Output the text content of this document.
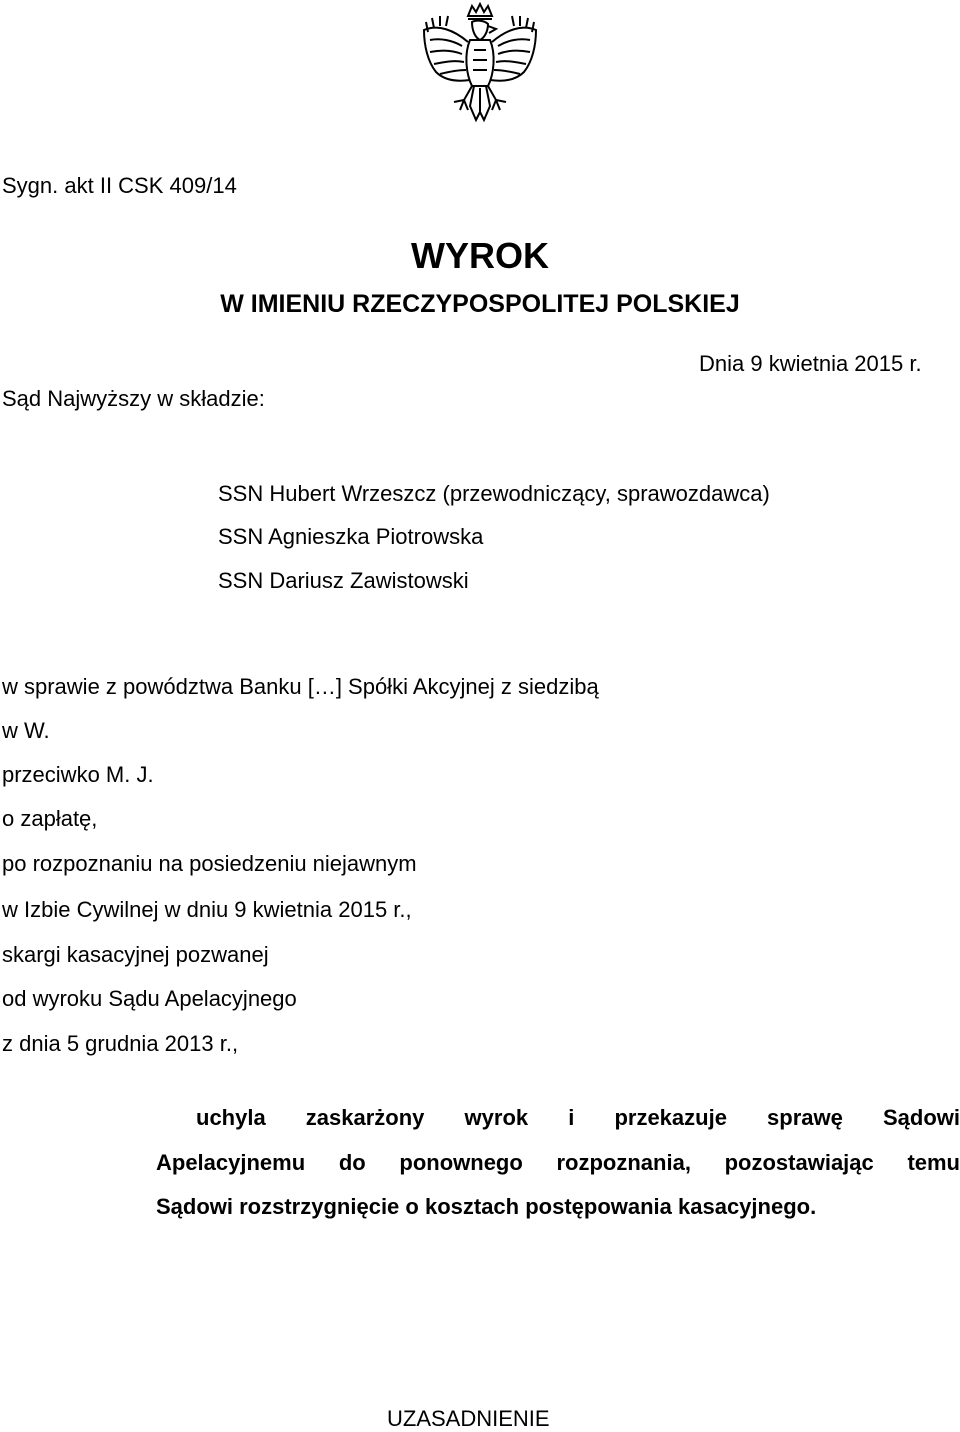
Sygn. akt II CSK 409/14
WYROK
W IMIENIU RZECZYPOSPOLITEJ POLSKIEJ
Dnia 9 kwietnia 2015 r.
Sąd Najwyższy w składzie:
SSN Hubert Wrzeszcz (przewodniczący, sprawozdawca)
SSN Agnieszka Piotrowska
SSN Dariusz Zawistowski
w sprawie z powództwa Banku […] Spółki Akcyjnej z siedzibą
w W.
przeciwko M. J.
o zapłatę,
po rozpoznaniu na posiedzeniu niejawnym
w Izbie Cywilnej w dniu 9 kwietnia 2015 r.,
skargi kasacyjnej pozwanej
od wyroku Sądu Apelacyjnego
z dnia 5 grudnia 2013 r.,
uchyla zaskarżony wyrok i przekazuje sprawę Sądowi
Apelacyjnemu do ponownego rozpoznania, pozostawiając temu
Sądowi rozstrzygnięcie o kosztach postępowania kasacyjnego.
UZASADNIENIE
